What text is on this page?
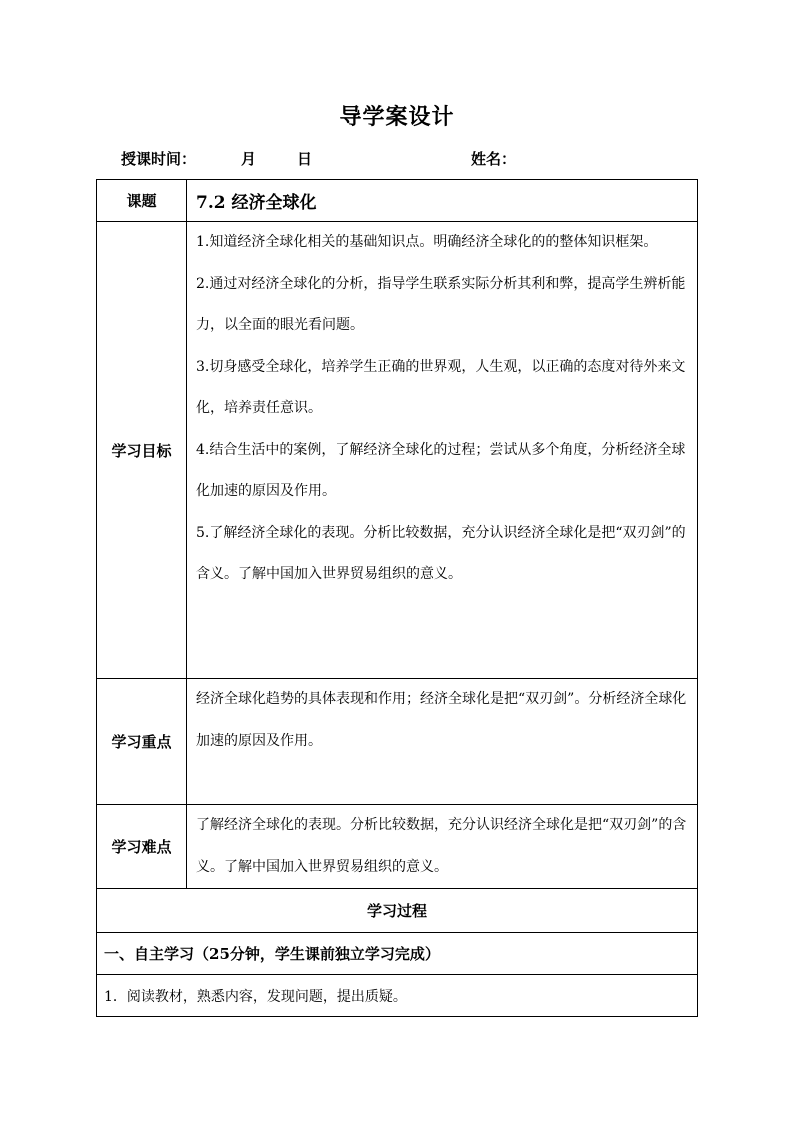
导学案设计
授课时间：	月	日	姓名：
课题	7.2 经济全球化
学习目标	1.知道经济全球化相关的基础知识点。明确经济全球化的的整体知识框架。

2.通过对经济全球化的分析，指导学生联系实际分析其利和弊，提高学生辨析能力，以全面的眼光看问题。

3.切身感受全球化，培养学生正确的世界观，人生观，以正确的态度对待外来文化，培养责任意识。

4.结合生活中的案例，了解经济全球化的过程；尝试从多个角度，分析经济全球化加速的原因及作用。

5.了解经济全球化的表现。分析比较数据，充分认识经济全球化是把“双刃剑”的含义。了解中国加入世界贸易组织的意义。

学习重点	经济全球化趋势的具体表现和作用；经济全球化是把“双刃剑”。分析经济全球化加速的原因及作用。
学习难点	了解经济全球化的表现。分析比较数据，充分认识经济全球化是把“双刃剑”的含义。了解中国加入世界贸易组织的意义。
学习过程	
一、自主学习（25分钟，学生课前独立学习完成）	
1．阅读教材，熟悉内容，发现问题，提出质疑。	
